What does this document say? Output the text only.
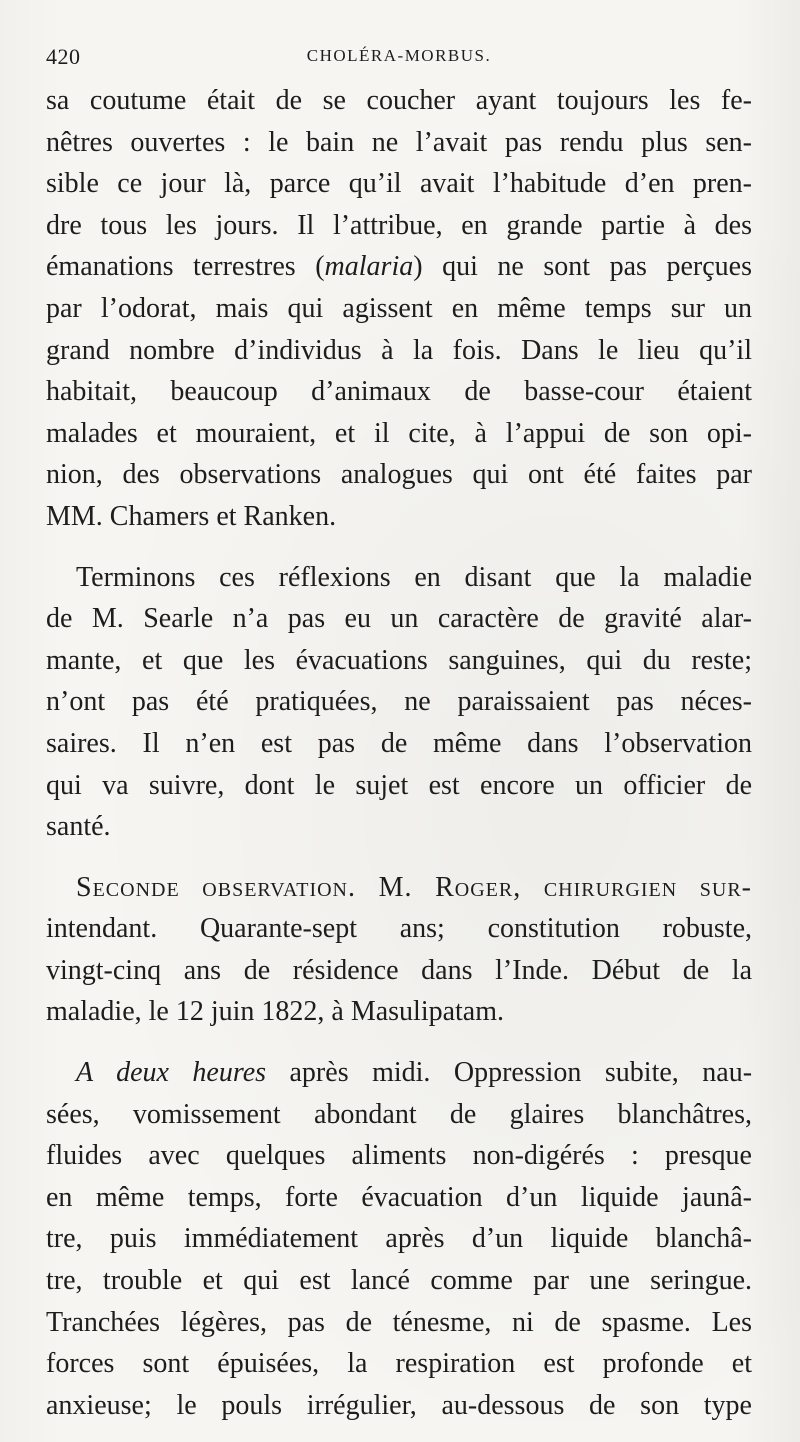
420	CHOLÉRA-MORBUS.

sa coutume était de se coucher ayant toujours les fe-
nêtres ouvertes : le bain ne l’avait pas rendu plus sen-
sible ce jour là, parce qu’il avait l’habitude d’en pren-
dre tous les jours. Il l’attribue, en grande partie à des
émanations terrestres (malaria) qui ne sont pas perçues
par l’odorat, mais qui agissent en même temps sur un
grand nombre d’individus à la fois. Dans le lieu qu’il
habitait, beaucoup d’animaux de basse-cour étaient
malades et mouraient, et il cite, à l’appui de son opi-
nion, des observations analogues qui ont été faites par
MM. Chamers et Ranken.

Terminons ces réflexions en disant que la maladie
de M. Searle n’a pas eu un caractère de gravité alar-
mante, et que les évacuations sanguines, qui du reste;
n’ont pas été pratiquées, ne paraissaient pas néces-
saires. Il n’en est pas de même dans l’observation
qui va suivre, dont le sujet est encore un officier de
santé.

Seconde observation. M. Roger, chirurgien sur-
intendant. Quarante-sept ans; constitution robuste,
vingt-cinq ans de résidence dans l’Inde. Début de la
maladie, le 12 juin 1822, à Masulipatam.

A deux heures après midi. Oppression subite, nau-
sées, vomissement abondant de glaires blanchâtres,
fluides avec quelques aliments non-digérés : presque
en même temps, forte évacuation d’un liquide jaunâ-
tre, puis immédiatement après d’un liquide blanchâ-
tre, trouble et qui est lancé comme par une seringue.
Tranchées légères, pas de ténesme, ni de spasme. Les
forces sont épuisées, la respiration est profonde et
anxieuse; le pouls irrégulier, au-dessous de son type
